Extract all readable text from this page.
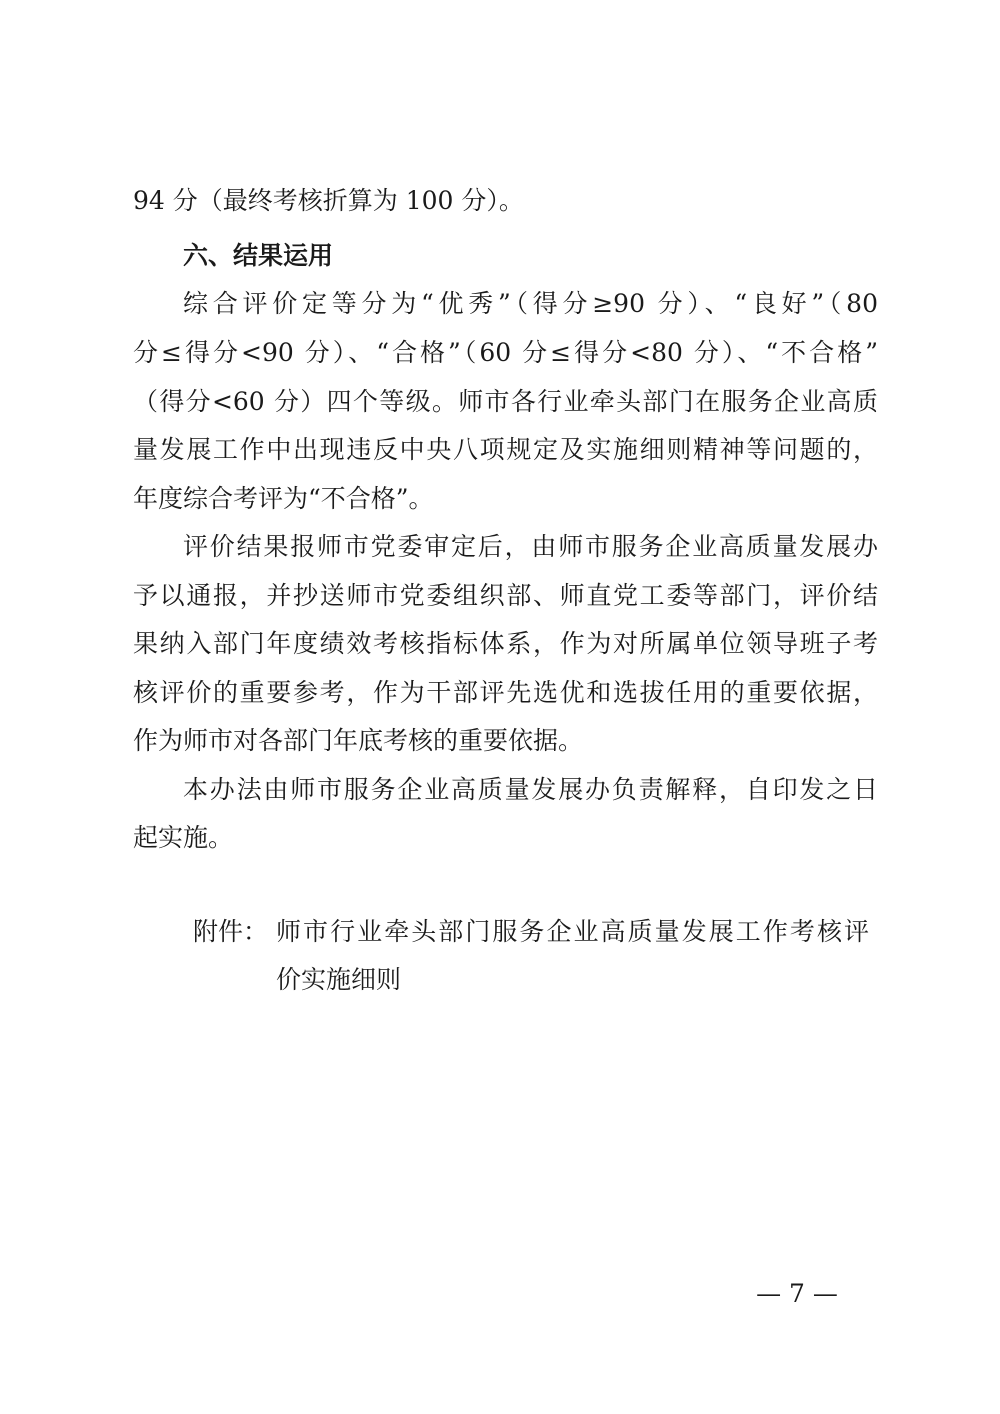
94 分（最终考核折算为 100 分）。
六、结果运用
综合评价定等分为“优秀”（得分≥90 分）、“良好”（80
分≤得分<90 分）、“合格”（60 分≤得分<80 分）、“不合格”
（得分<60 分）四个等级。师市各行业牵头部门在服务企业高质
量发展工作中出现违反中央八项规定及实施细则精神等问题的，
年度综合考评为“不合格”。
评价结果报师市党委审定后，由师市服务企业高质量发展办
予以通报，并抄送师市党委组织部、师直党工委等部门，评价结
果纳入部门年度绩效考核指标体系，作为对所属单位领导班子考
核评价的重要参考，作为干部评先选优和选拔任用的重要依据，
作为师市对各部门年底考核的重要依据。
本办法由师市服务企业高质量发展办负责解释，自印发之日
起实施。
附件： 师市行业牵头部门服务企业高质量发展工作考核评
价实施细则
— 7 —
